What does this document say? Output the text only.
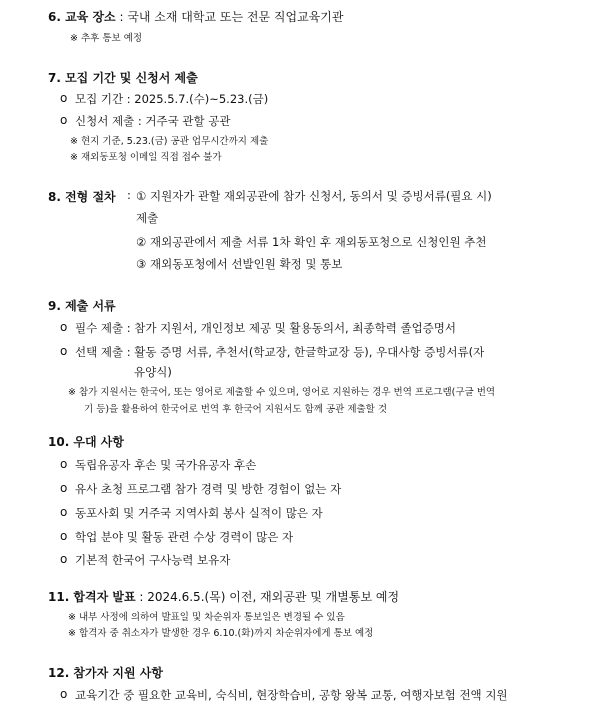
6. 교육 장소 : 국내 소재 대학교 또는 전문 직업교육기관
※ 추후 통보 예정
7. 모집 기간 및 신청서 제출
ο 모집 기간 : 2025.5.7.(수)~5.23.(금)
ο 신청서 제출 : 거주국 관할 공관
※ 현지 기준, 5.23.(금) 공관 업무시간까지 제출
※ 재외동포청 이메일 직접 접수 불가
8. 전형 절차 : ① 지원자가 관할 재외공관에 참가 신청서, 동의서 및 증빙서류(필요 시)
제출
② 재외공관에서 제출 서류 1차 확인 후 재외동포청으로 신청인원 추천
③ 재외동포청에서 선발인원 확정 및 통보
9. 제출 서류
ο 필수 제출 : 참가 지원서, 개인정보 제공 및 활용동의서, 최종학력 졸업증명서
ο 선택 제출 : 활동 증명 서류, 추천서(학교장, 한글학교장 등), 우대사항 증빙서류(자
유양식)
※ 참가 지원서는 한국어, 또는 영어로 제출할 수 있으며, 영어로 지원하는 경우 번역 프로그램(구글 번역
기 등)을 활용하여 한국어로 번역 후 한국어 지원서도 함께 공관 제출할 것
10. 우대 사항
ο 독립유공자 후손 및 국가유공자 후손
ο 유사 초청 프로그램 참가 경력 및 방한 경험이 없는 자
ο 동포사회 및 거주국 지역사회 봉사 실적이 많은 자
ο 학업 분야 및 활동 관련 수상 경력이 많은 자
ο 기본적 한국어 구사능력 보유자
11. 합격자 발표 : 2024.6.5.(목) 이전, 재외공관 및 개별통보 예정
※ 내부 사정에 의하여 발표일 및 차순위자 통보일은 변경될 수 있음
※ 합격자 중 취소자가 발생한 경우 6.10.(화)까지 차순위자에게 통보 예정
12. 참가자 지원 사항
ο 교육기간 중 필요한 교육비, 숙식비, 현장학습비, 공항 왕복 교통, 여행자보험 전액 지원
